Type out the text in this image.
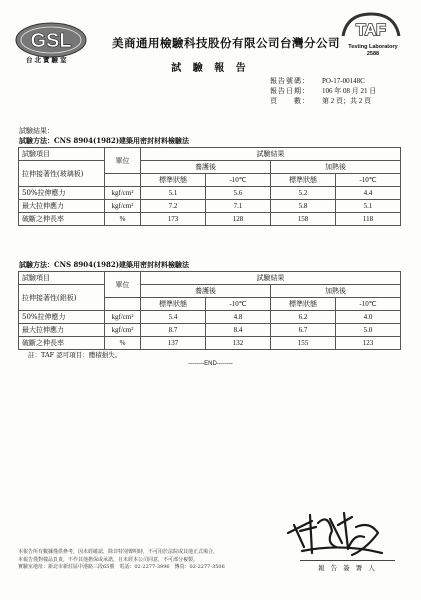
GSL
台北實驗室
美商通用檢驗科技股份有限公司台灣分公司
TAF
Testing Laboratory
2588
試 驗 報 告
報告號碼：	PO-17-00148C
報告日期：	106 年 08 月 21 日
頁　　數：	第 2 頁；共 2 頁
試驗結果：
試驗方法：CNS 8904(1982)建築用密封材料檢驗法
試驗項目	單位	試驗結果			
拉伸接著性(玻璃板)		養護後		加熱後	
		標準狀態	-10℃	標準狀態	-10℃
50%拉伸應力	kgf/cm²	5.1	5.6	5.2	4.4
最大拉伸應力	kgf/cm²	7.2	7.1	5.8	5.1
破斷之伸長率	%	173	128	158	118
試驗方法：CNS 8904(1982)建築用密封材料檢驗法
試驗項目	單位	試驗結果			
拉伸接著性(鋁板)		養護後		加熱後	
		標準狀態	-10℃	標準狀態	-10℃
50%拉伸應力	kgf/cm²	5.4	4.8	6.2	4.0
最大拉伸應力	kgf/cm²	8.7	8.4	6.7	5.0
破斷之伸長率	%	137	132	155	123
註：TAF 認可項目：體積損失。
--------END--------
報 告 簽 署 人
本報告所有數據僅供參考，因未經確認，除非特別聲明時，不可用於法院或其他正式場合，
本報告僅對樣品負責，不作其他擔保或承諾，且未經本公司同意，不可部分複製。
實驗室地址：新北市新莊區中港路三段65號　電話：02-2277-3996　傳真：02-2277-3506
